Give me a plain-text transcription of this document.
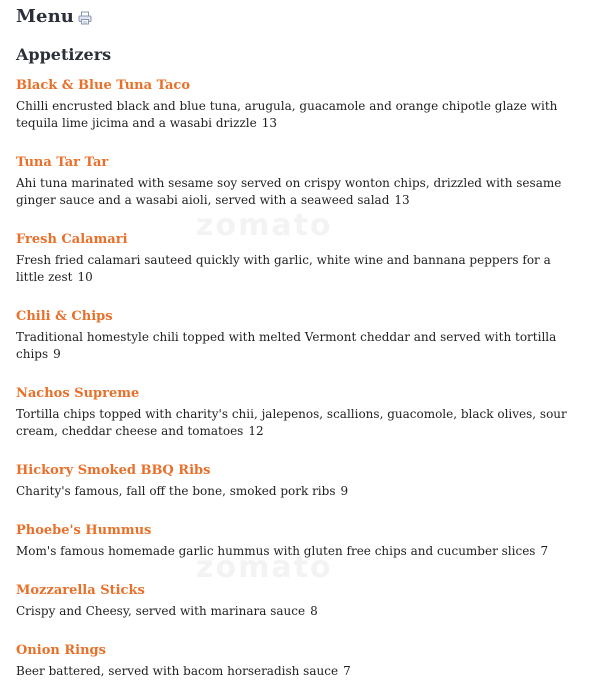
zomato
zomato
Menu
Appetizers
Black & Blue Tuna Taco
Chilli encrusted black and blue tuna, arugula, guacamole and orange chipotle glaze with tequila lime jicima and a wasabi drizzle 13
Tuna Tar Tar
Ahi tuna marinated with sesame soy served on crispy wonton chips, drizzled with sesame ginger sauce and a wasabi aioli, served with a seaweed salad 13
Fresh Calamari
Fresh fried calamari sauteed quickly with garlic, white wine and bannana peppers for a little zest 10
Chili & Chips
Traditional homestyle chili topped with melted Vermont cheddar and served with tortilla chips 9
Nachos Supreme
Tortilla chips topped with charity's chii, jalepenos, scallions, guacomole, black olives, sour cream, cheddar cheese and tomatoes 12
Hickory Smoked BBQ Ribs
Charity's famous, fall off the bone, smoked pork ribs 9
Phoebe's Hummus
Mom's famous homemade garlic hummus with gluten free chips and cucumber slices 7
Mozzarella Sticks
Crispy and Cheesy, served with marinara sauce 8
Onion Rings
Beer battered, served with bacom horseradish sauce 7
